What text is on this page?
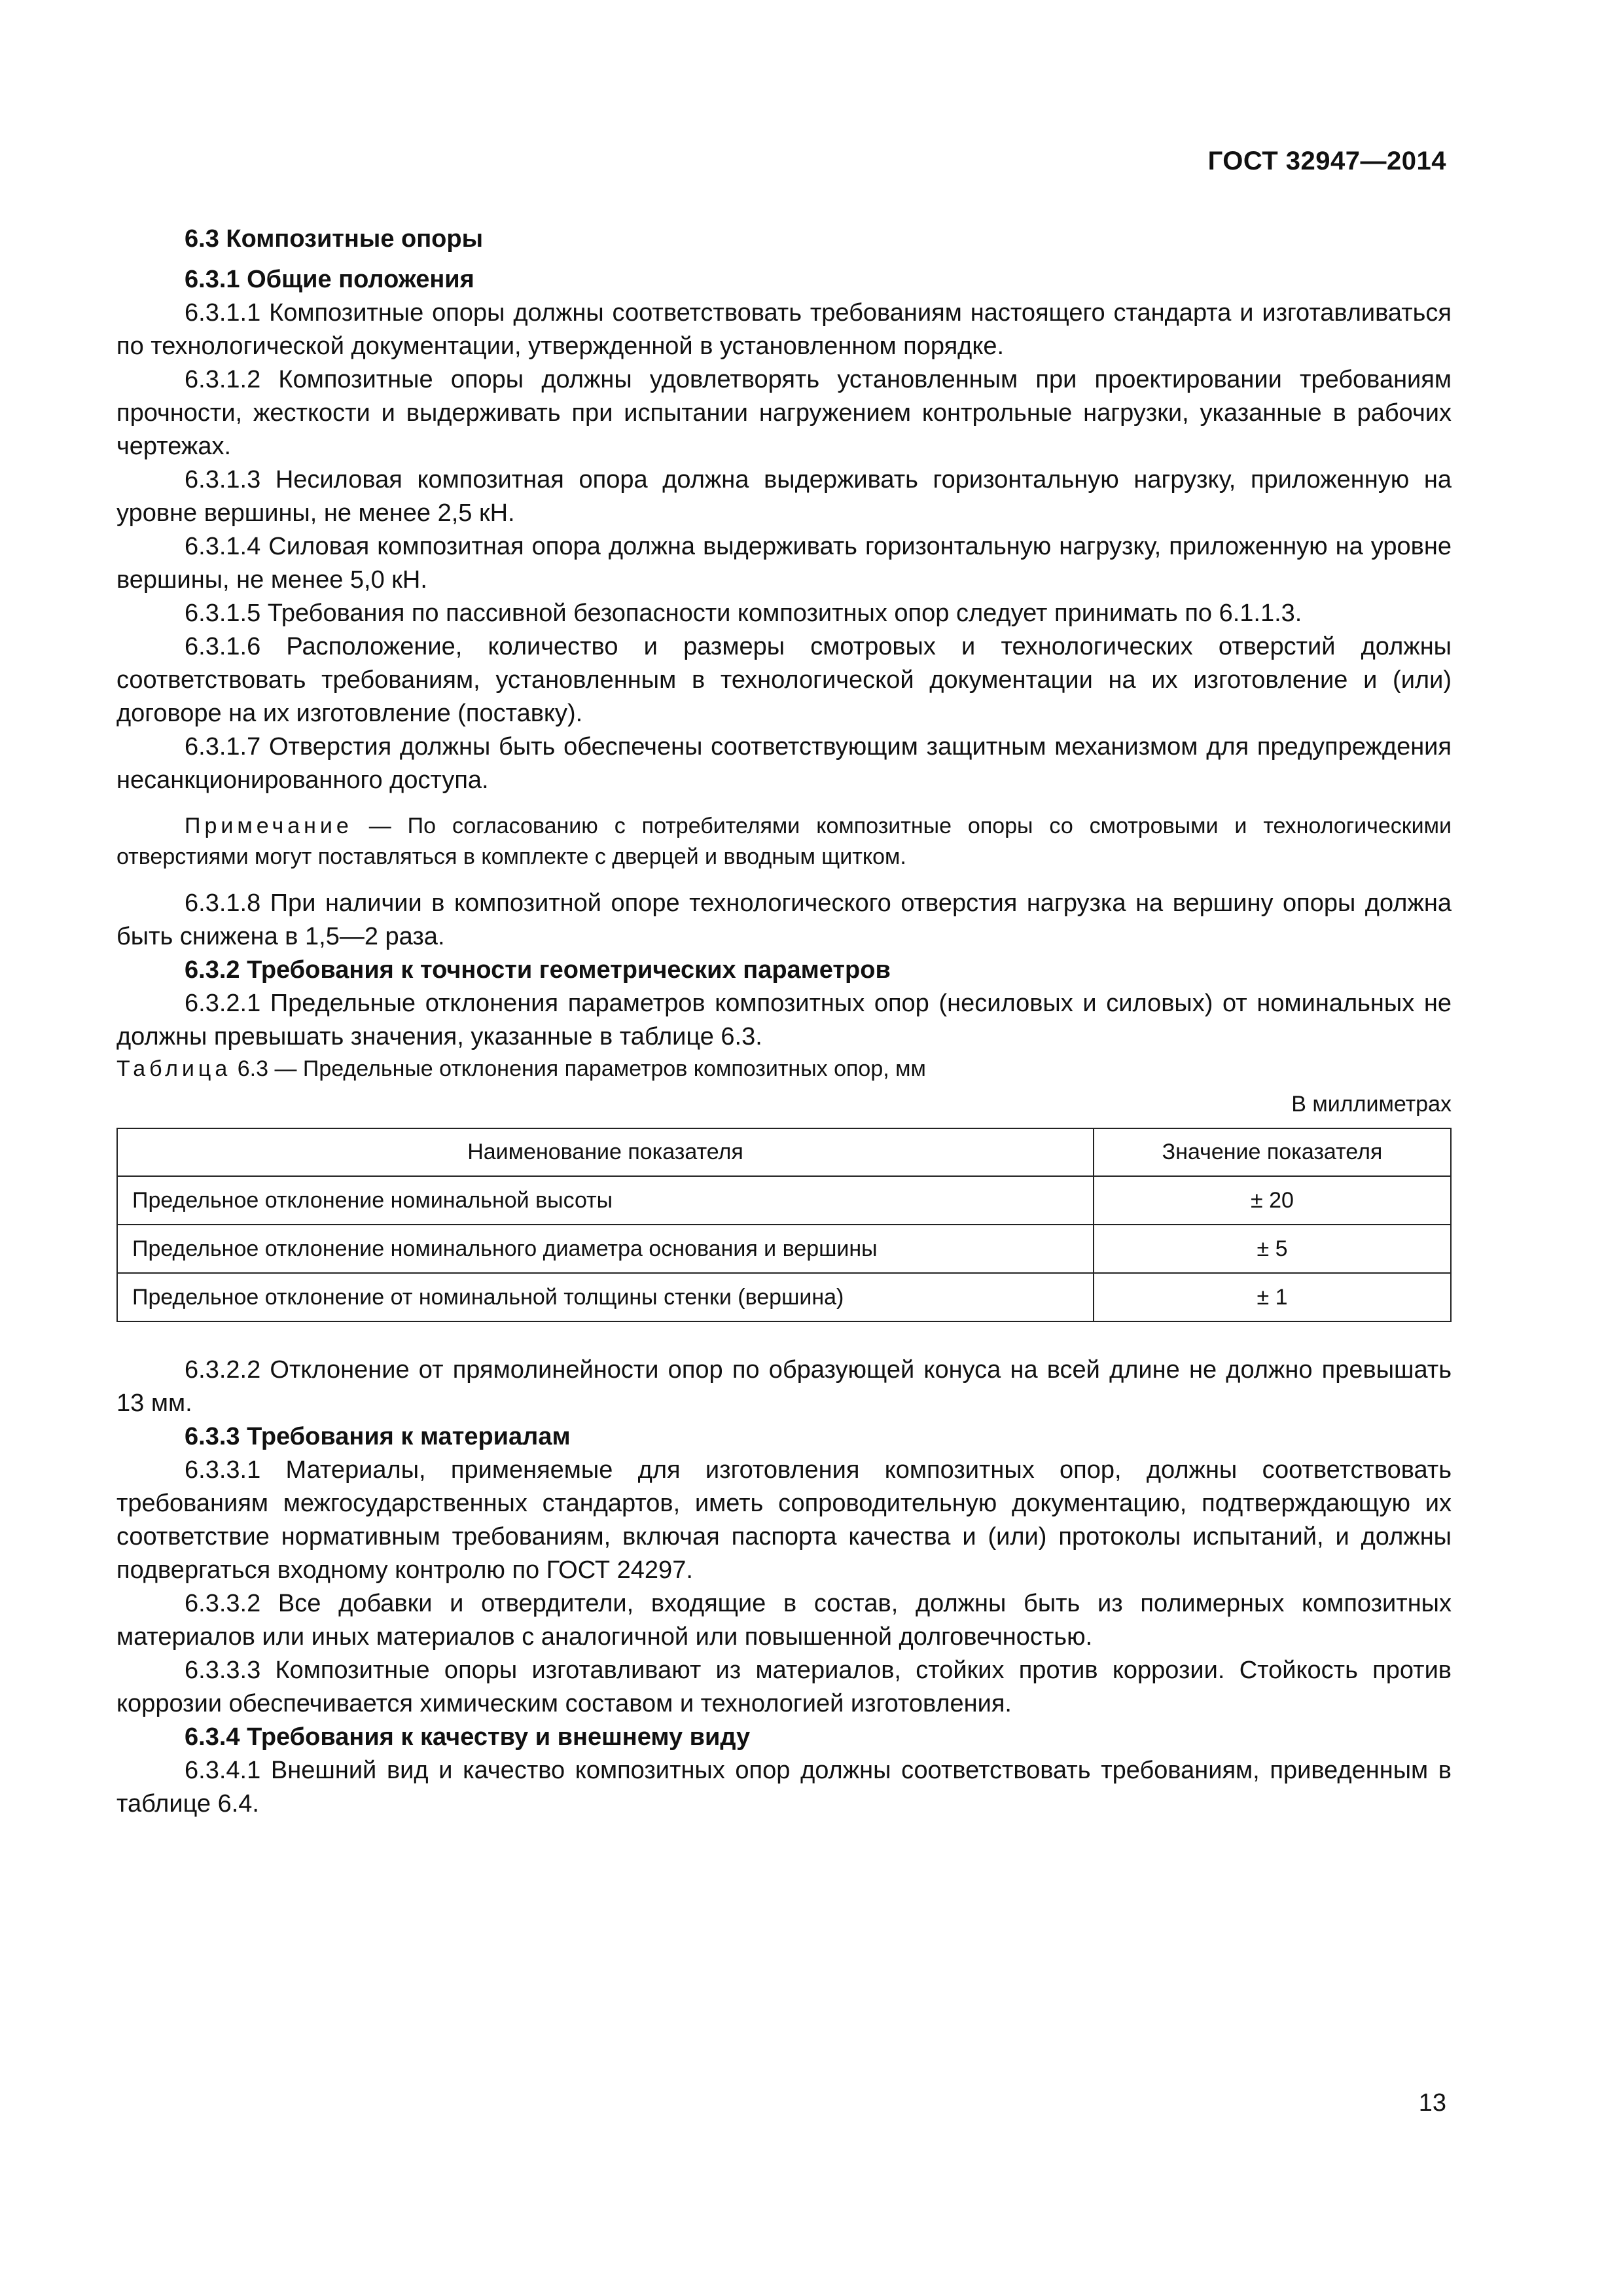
ГОСТ 32947—2014

6.3 Композитные опоры

6.3.1 Общие положения

6.3.1.1 Композитные опоры должны соответствовать требованиям настоящего стандарта и изготавливаться по технологической документации, утвержденной в установленном порядке.

6.3.1.2 Композитные опоры должны удовлетворять установленным при проектировании требованиям прочности, жесткости и выдерживать при испытании нагружением контрольные нагрузки, указанные в рабочих чертежах.

6.3.1.3 Несиловая композитная опора должна выдерживать горизонтальную нагрузку, приложенную на уровне вершины, не менее 2,5 кН.

6.3.1.4 Силовая композитная опора должна выдерживать горизонтальную нагрузку, приложенную на уровне вершины, не менее 5,0 кН.

6.3.1.5 Требования по пассивной безопасности композитных опор следует принимать по 6.1.1.3.

6.3.1.6 Расположение, количество и размеры смотровых и технологических отверстий должны соответствовать требованиям, установленным в технологической документации на их изготовление и (или) договоре на их изготовление (поставку).

6.3.1.7 Отверстия должны быть обеспечены соответствующим защитным механизмом для предупреждения несанкционированного доступа.

Примечание — По согласованию с потребителями композитные опоры со смотровыми и технологическими отверстиями могут поставляться в комплекте с дверцей и вводным щитком.

6.3.1.8 При наличии в композитной опоре технологического отверстия нагрузка на вершину опоры должна быть снижена в 1,5—2 раза.

6.3.2 Требования к точности геометрических параметров

6.3.2.1 Предельные отклонения параметров композитных опор (несиловых и силовых) от номинальных не должны превышать значения, указанные в таблице 6.3.

Таблица 6.3 — Предельные отклонения параметров композитных опор, мм

В миллиметрах

Наименование показателя	Значение показателя
Предельное отклонение номинальной высоты	± 20
Предельное отклонение номинального диаметра основания и вершины	± 5
Предельное отклонение от номинальной толщины стенки (вершина)	± 1

6.3.2.2 Отклонение от прямолинейности опор по образующей конуса на всей длине не должно превышать 13 мм.

6.3.3 Требования к материалам

6.3.3.1 Материалы, применяемые для изготовления композитных опор, должны соответствовать требованиям межгосударственных стандартов, иметь сопроводительную документацию, подтверждающую их соответствие нормативным требованиям, включая паспорта качества и (или) протоколы испытаний, и должны подвергаться входному контролю по ГОСТ 24297.

6.3.3.2 Все добавки и отвердители, входящие в состав, должны быть из полимерных композитных материалов или иных материалов с аналогичной или повышенной долговечностью.

6.3.3.3 Композитные опоры изготавливают из материалов, стойких против коррозии. Стойкость против коррозии обеспечивается химическим составом и технологией изготовления.

6.3.4 Требования к качеству и внешнему виду

6.3.4.1 Внешний вид и качество композитных опор должны соответствовать требованиям, приведенным в таблице 6.4.

13
